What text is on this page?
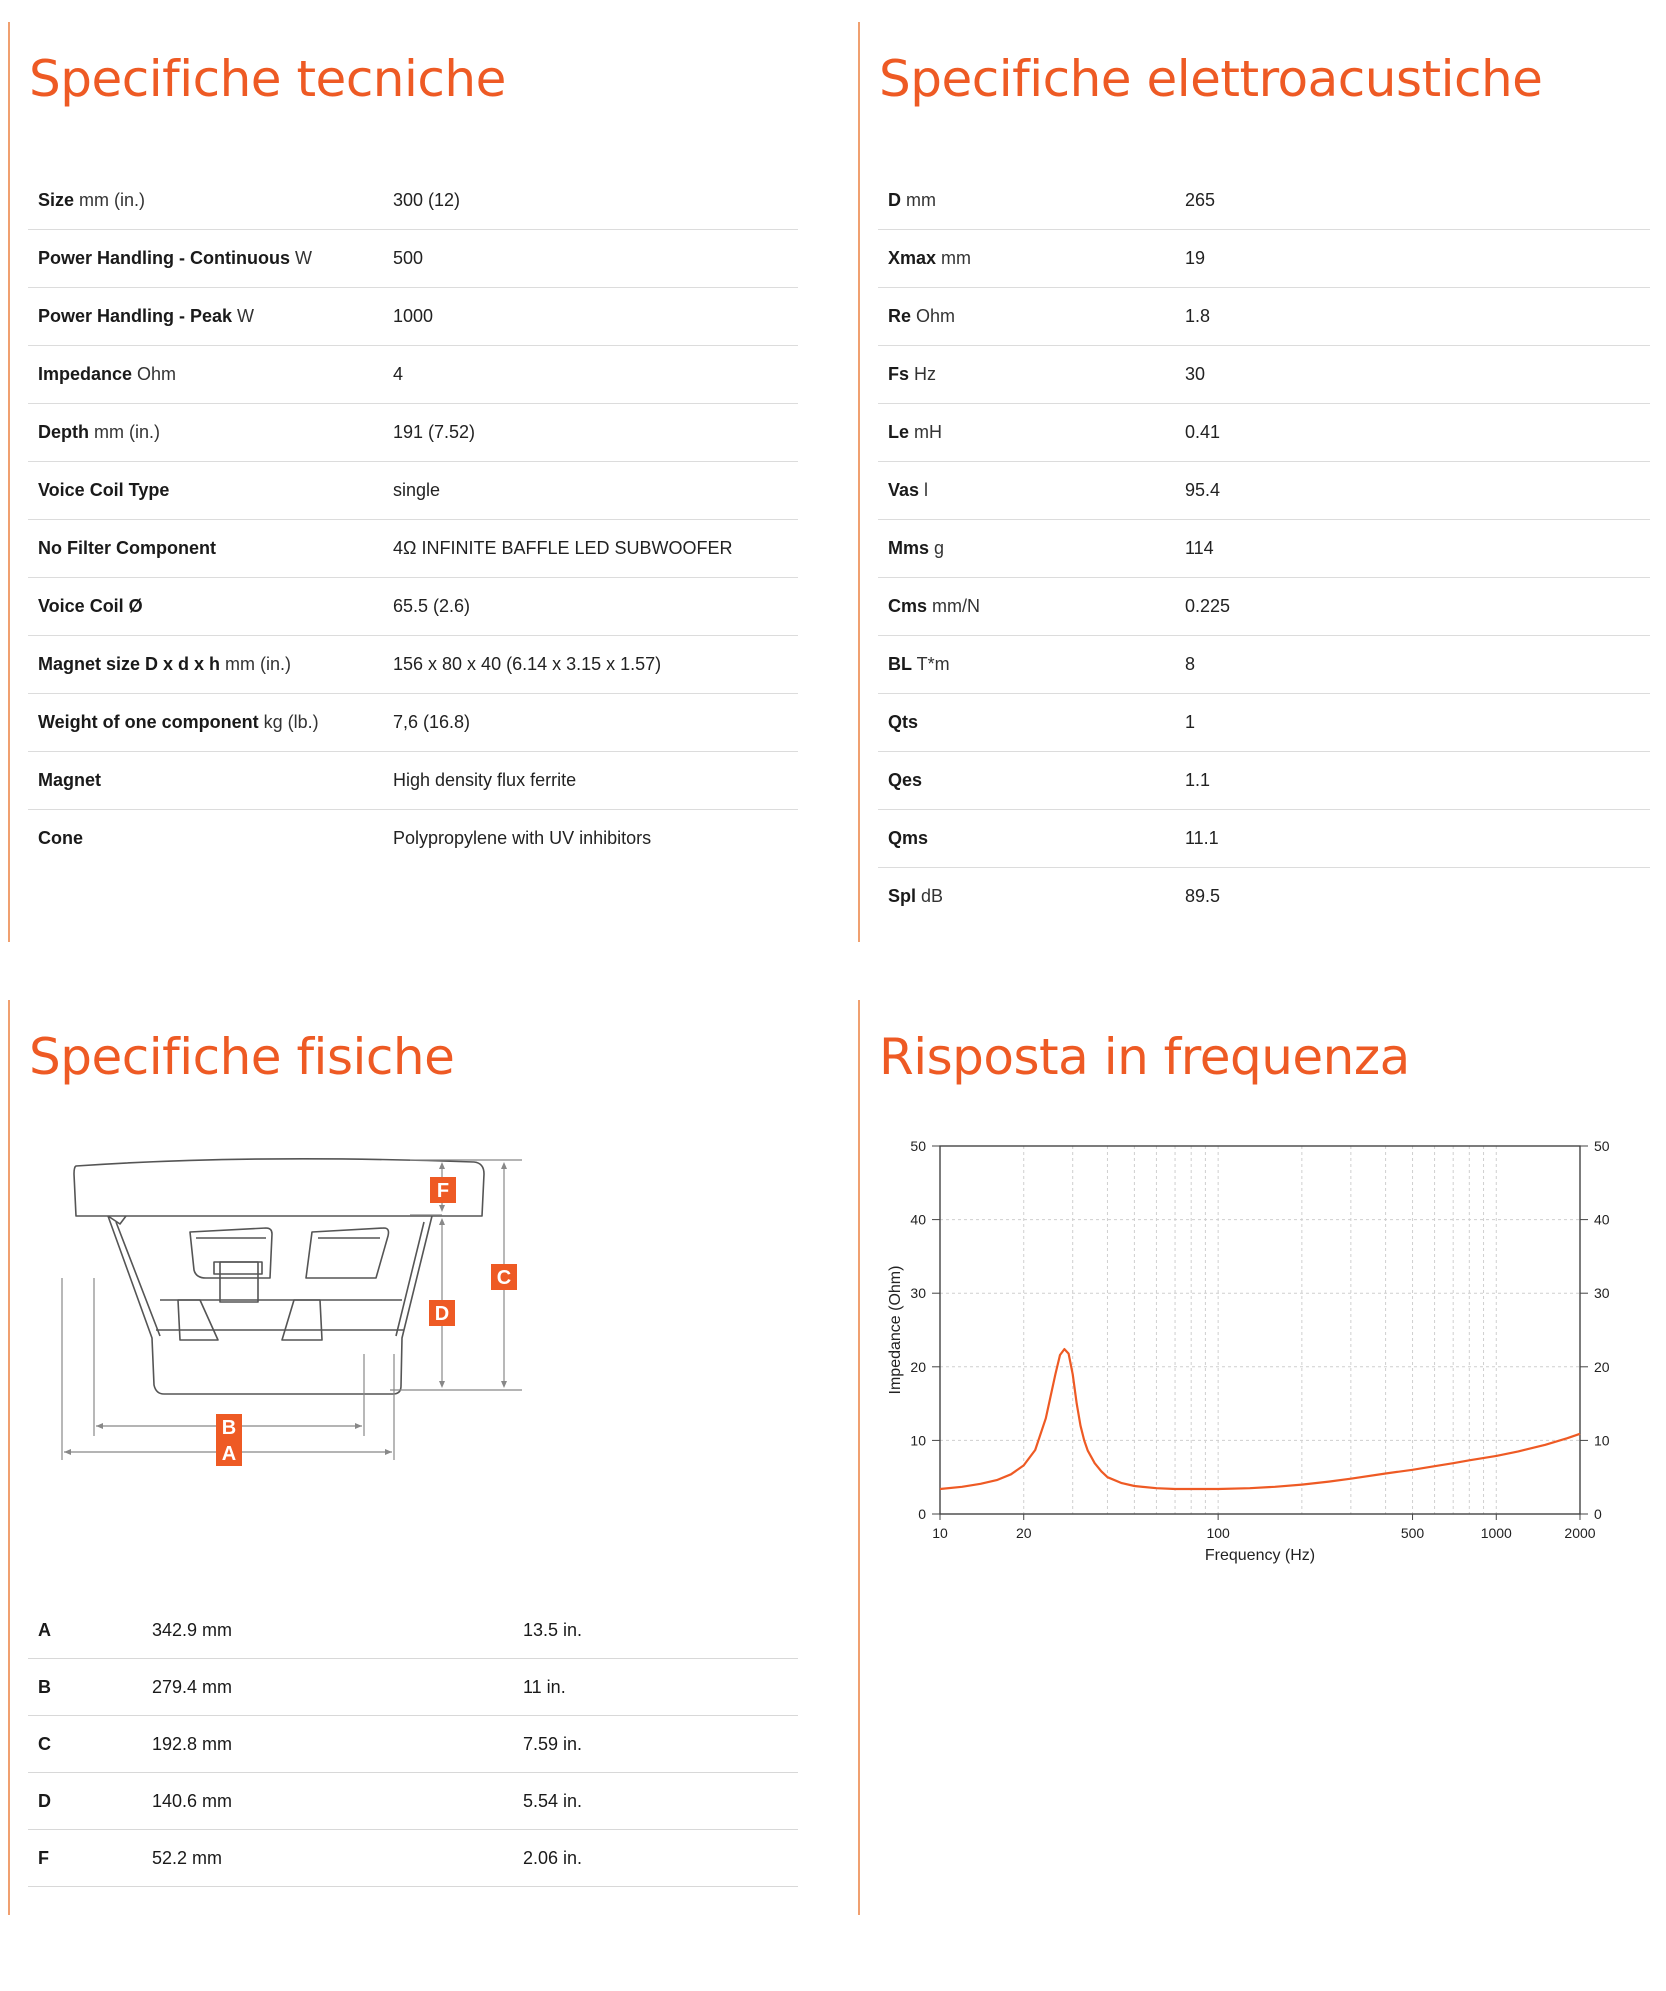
Specifiche tecniche
Size mm (in.)	300 (12)
Power Handling - Continuous W	500
Power Handling - Peak W	1000
Impedance Ohm	4
Depth mm (in.)	191 (7.52)
Voice Coil Type	single
No Filter Component	4Ω INFINITE BAFFLE LED SUBWOOFER
Voice Coil Ø	65.5 (2.6)
Magnet size D x d x h mm (in.)	156 x 80 x 40 (6.14 x 3.15 x 1.57)
Weight of one component kg (lb.)	7,6 (16.8)
Magnet	High density flux ferrite
Cone	Polypropylene with UV inhibitors
Specifiche elettroacustiche
D mm	265
Xmax mm	19
Re Ohm	1.8
Fs Hz	30
Le mH	0.41
Vas l	95.4
Mms g	114
Cms mm/N	0.225
BL T*m	8
Qts	1
Qes	1.1
Qms	11.1
Spl dB	89.5
Specifiche fisiche
F
C
D
B
A
A	342.9 mm	13.5 in.
B	279.4 mm	11 in.
C	192.8 mm	7.59 in.
D	140.6 mm	5.54 in.
F	52.2 mm	2.06 in.
Risposta in frequenza
0	0
10	10
20	20
30	30
40	40
50	50
10	20	100	500	1000	2000
Frequency (Hz)
Impedance (Ohm)
